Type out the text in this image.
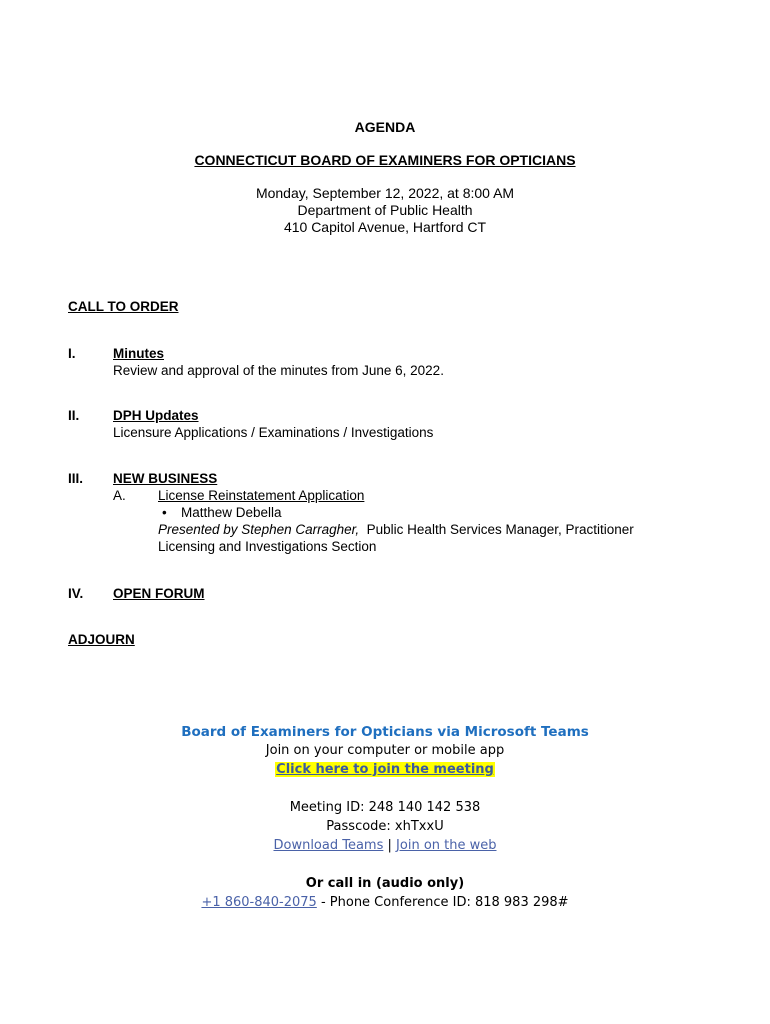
AGENDA
CONNECTICUT BOARD OF EXAMINERS FOR OPTICIANS
Monday, September 12, 2022, at 8:00 AM
Department of Public Health
410 Capitol Avenue, Hartford CT
CALL TO ORDER
I.	Minutes
Review and approval of the minutes from June 6, 2022.
II. DPH Updates
Licensure Applications / Examinations / Investigations
III. NEW BUSINESS
A. License Reinstatement Application
• Matthew Debella
Presented by Stephen Carragher, Public Health Services Manager, Practitioner
Licensing and Investigations Section
IV. OPEN FORUM
ADJOURN
Board of Examiners for Opticians via Microsoft Teams
Join on your computer or mobile app
Click here to join the meeting
Meeting ID: 248 140 142 538
Passcode: xhTxxU
Download Teams | Join on the web
Or call in (audio only)
+1 860-840-2075 - Phone Conference ID: 818 983 298#
